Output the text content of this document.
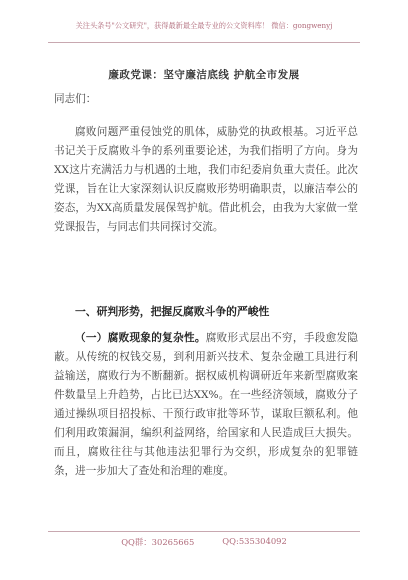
关注头条号"公文研究"，获得最新最全最专业的公文资料库！ 微信：gongwenyj
廉政党课：坚守廉洁底线 护航全市发展
同志们：
腐败问题严重侵蚀党的肌体，威胁党的执政根基。习近平总书记关于反腐败斗争的系列重要论述，为我们指明了方向。身为XX这片充满活力与机遇的土地，我们市纪委肩负重大责任。此次党课，旨在让大家深刻认识反腐败形势明确职责，以廉洁奉公的姿态，为XX高质量发展保驾护航。借此机会，由我为大家做一堂党课报告，与同志们共同探讨交流。
一、研判形势，把握反腐败斗争的严峻性
（一）腐败现象的复杂性。腐败形式层出不穷，手段愈发隐蔽。从传统的权钱交易，到利用新兴技术、复杂金融工具进行利益输送，腐败行为不断翻新。据权威机构调研近年来新型腐败案件数量呈上升趋势，占比已达XX%。在一些经济领域，腐败分子通过操纵项目招投标、干预行政审批等环节，谋取巨额私利。他们利用政策漏洞，编织利益网络，给国家和人民造成巨大损失。而且，腐败往往与其他违法犯罪行为交织，形成复杂的犯罪链条，进一步加大了查处和治理的难度。
QQ群：30265665	QQ:535304092
